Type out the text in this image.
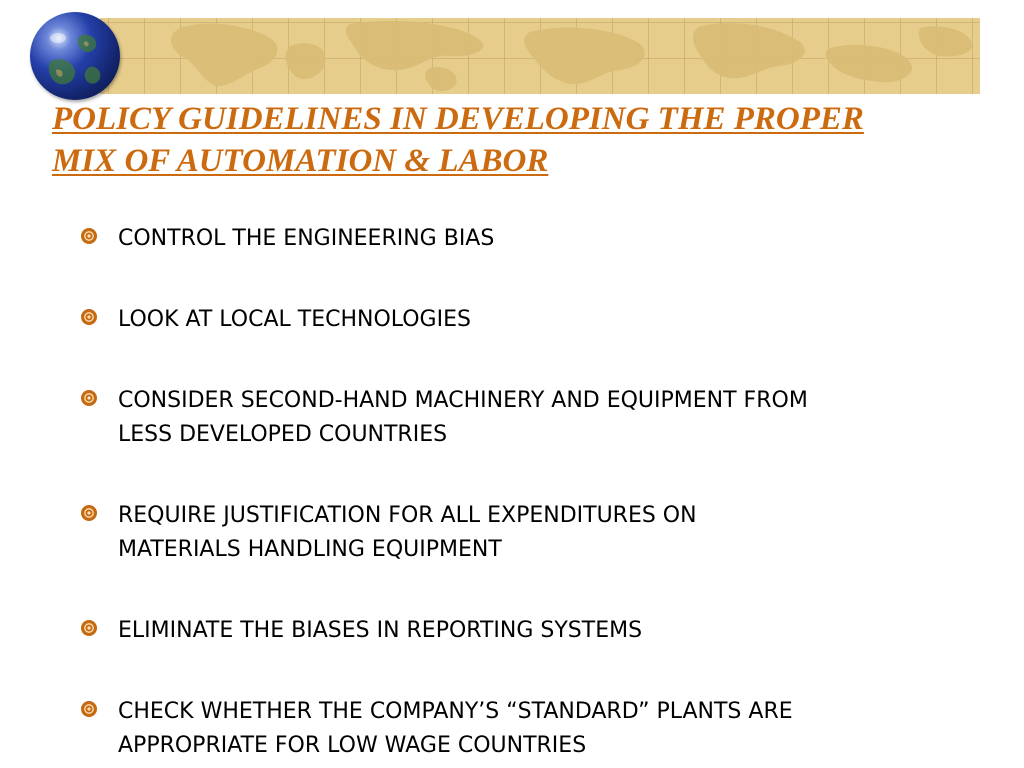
POLICY GUIDELINES IN DEVELOPING THE PROPER
MIX OF AUTOMATION & LABOR
CONTROL THE ENGINEERING BIAS
LOOK AT LOCAL TECHNOLOGIES
CONSIDER SECOND-HAND MACHINERY AND EQUIPMENT FROM
LESS DEVELOPED COUNTRIES
REQUIRE JUSTIFICATION FOR ALL EXPENDITURES ON
MATERIALS HANDLING EQUIPMENT
ELIMINATE THE BIASES IN REPORTING SYSTEMS
CHECK WHETHER THE COMPANY’S “STANDARD” PLANTS ARE
APPROPRIATE FOR LOW WAGE COUNTRIES
